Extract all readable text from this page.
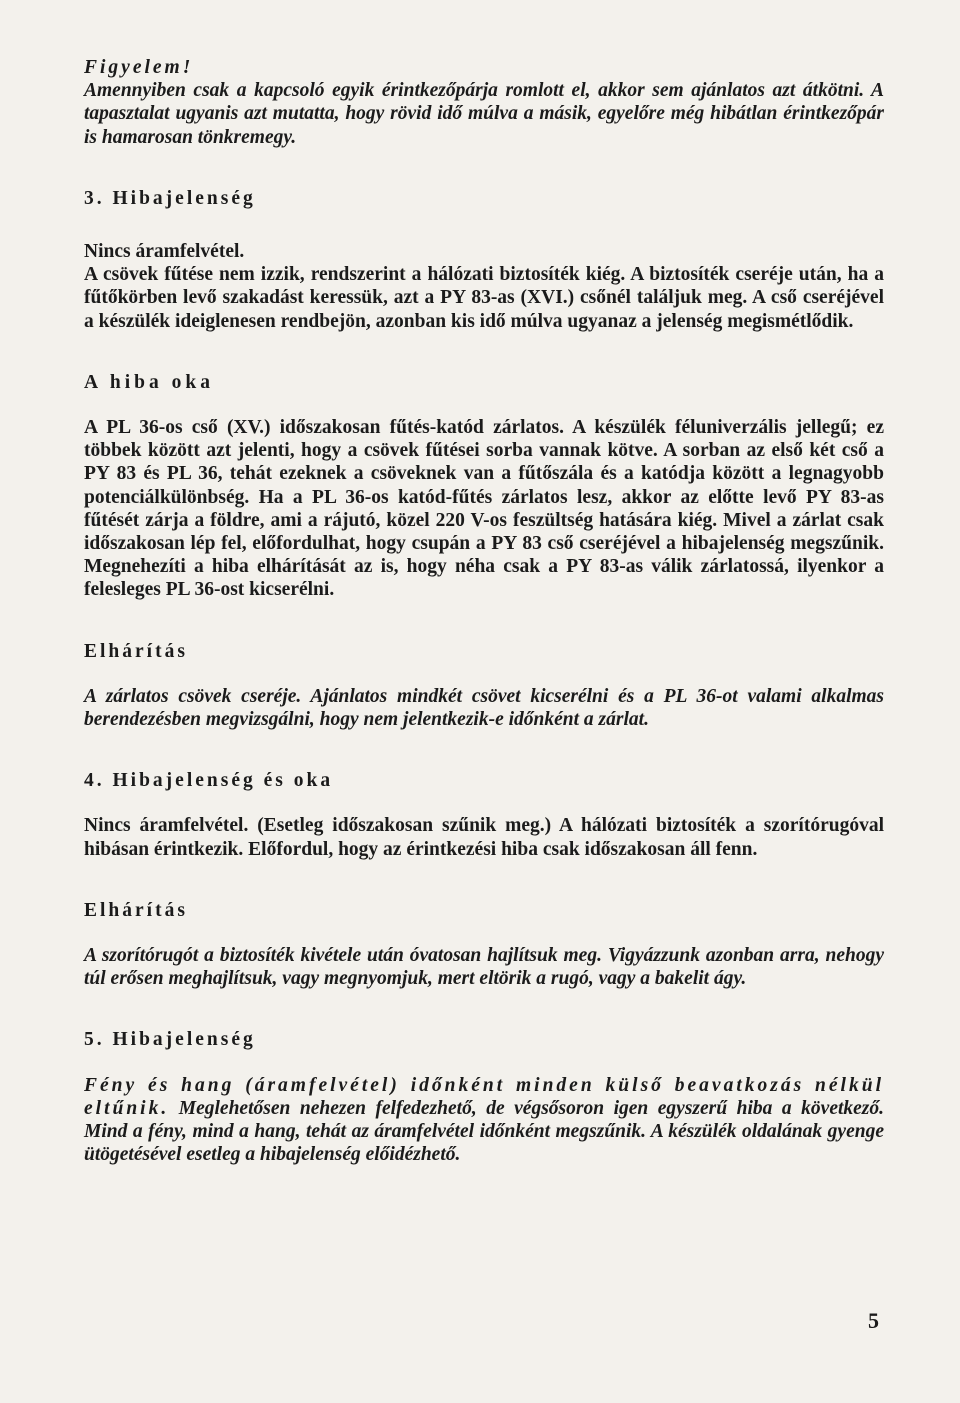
Figyelem!

Amennyiben csak a kapcsoló egyik érintkezőpárja romlott el, akkor sem ajánlatos azt átkötni. A tapasztalat ugyanis azt mutatta, hogy rövid idő múlva a másik, egyelőre még hibátlan érintkezőpár is hamarosan tönkremegy.

3. Hibajelenség

Nincs áramfelvétel.

A csövek fűtése nem izzik, rendszerint a hálózati biztosíték kiég. A biztosíték cseréje után, ha a fűtőkörben levő szakadást keressük, azt a PY 83-as (XVI.) csőnél találjuk meg. A cső cseréjével a készülék ideiglenesen rendbejön, azonban kis idő múlva ugyanaz a jelenség megismétlődik.

A hiba oka

A PL 36-os cső (XV.) időszakosan fűtés-katód zárlatos. A készülék féluniverzális jellegű; ez többek között azt jelenti, hogy a csövek fűtései sorba vannak kötve. A sorban az első két cső a PY 83 és PL 36, tehát ezeknek a csöveknek van a fűtőszála és a katódja között a legnagyobb potenciálkülönbség. Ha a PL 36-os katód-fűtés zárlatos lesz, akkor az előtte levő PY 83-as fűtését zárja a földre, ami a rájutó, közel 220 V-os feszültség hatására kiég. Mivel a zárlat csak időszakosan lép fel, előfordulhat, hogy csupán a PY 83 cső cseréjével a hibajelenség megszűnik. Megnehezíti a hiba elhárítását az is, hogy néha csak a PY 83-as válik zárlatossá, ilyenkor a felesleges PL 36-ost kicserélni.

Elhárítás

A zárlatos csövek cseréje. Ajánlatos mindkét csövet kicserélni és a PL 36-ot valami alkalmas berendezésben megvizsgálni, hogy nem jelentkezik-e időnként a zárlat.

4. Hibajelenség és oka

Nincs áramfelvétel. (Esetleg időszakosan szűnik meg.) A hálózati biztosíték a szorítórugóval hibásan érintkezik. Előfordul, hogy az érintkezési hiba csak időszakosan áll fenn.

Elhárítás

A szorítórugót a biztosíték kivétele után óvatosan hajlítsuk meg. Vigyázzunk azonban arra, nehogy túl erősen meghajlítsuk, vagy megnyomjuk, mert eltörik a rugó, vagy a bakelit ágy.

5. Hibajelenség

Fény és hang (áramfelvétel) időnként minden külső beavatkozás nélkül eltűnik. Meglehetősen nehezen felfedezhető, de végsősoron igen egyszerű hiba a következő. Mind a fény, mind a hang, tehát az áramfelvétel időnként megszűnik. A készülék oldalának gyenge ütögetésével esetleg a hibajelenség előidézhető.

5
